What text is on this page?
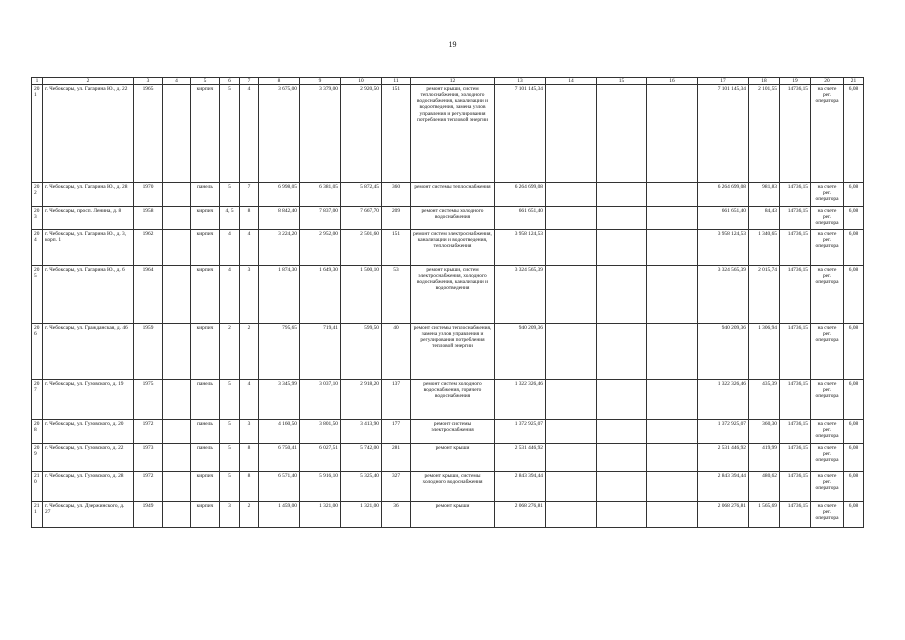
19
1	2	3	4	5	6	7	8	9	10	11	12	13	14	15	16	17	18	19	20	21
201	г. Чебоксары, ул. Гагарина Ю., д. 22	1965		кирпич	5	4	3 675,00	3 379,00	2 920,50	151	ремонт крыши, систем теплоснабжения, холодного водоснабжения, канализации и водоотведения, замена узлов управления и регулирования потребления тепловой энергии	7 101 145,34				7 101 145,34	2 101,55	14736,15	на счете рег. оператора	6,08
202	г. Чебоксары, ул. Гагарина Ю., д. 28	1970		панель	5	7	6 998,05	6 381,05	5 872,45	360	ремонт системы теплоснабжения	6 264 699,08				6 264 699,08	981,83	14736,15	на счете рег. оператора	6,08
203	г. Чебоксары, просп. Ленина, д. 8	1958		кирпич	4, 5	8	8 842,40	7 837,00	7 667,70	209	ремонт системы холодного водоснабжения	661 651,40				661 651,40	84,43	14736,15	на счете рег. оператора	6,08
204	г. Чебоксары, ул. Гагарина Ю., д. 3, корп. 1	1962		кирпич	4	4	3 224,20	2 952,00	2 501,60	151	ремонт систем электроснабжения, канализации и водоотведения, теплоснабжения	3 958 124,53				3 958 124,53	1 340,65	14736,15	на счете рег. оператора	6,08
205	г. Чебоксары, ул. Гагарина Ю., д. 6	1964		кирпич	4	3	1 874,30	1 649,30	1 500,10	53	ремонт крыши, систем электроснабжения, холодного водоснабжения, канализации и водоотведения	3 324 565,39				3 324 565,39	2 015,74	14736,15	на счете рег. оператора	6,08
206	г. Чебоксары, ул. Гражданская, д. 46	1959		кирпич	2	2	795,65	719,41	599,50	40	ремонт системы теплоснабжения, замена узлов управления и регулирования потребления тепловой энергии	940 209,36				940 209,36	1 306,94	14736,15	на счете рег. оператора	6,08
207	г. Чебоксары, ул. Гузовского, д. 19	1975		панель	5	4	3 345,99	3 037,10	2 918,20	137	ремонт систем холодного водоснабжения, горячего водоснабжения	1 322 326,46				1 322 326,46	435,39	14736,15	на счете рег. оператора	6,08
208	г. Чебоксары, ул. Гузовского, д. 20	1972		панель	5	3	4 160,50	3 801,50	3 413,90	177	ремонт системы электроснабжения	1 372 925,07				1 372 925,07	360,30	14736,15	на счете рег. оператора	6,08
209	г. Чебоксары, ул. Гузовского, д. 22	1973		панель	5	8	6 750,41	6 027,51	5 742,00	281	ремонт крыши	2 531 446,92				2 531 446,92	419,99	14736,15	на счете рег. оператора	6,08
210	г. Чебоксары, ул. Гузовского, д. 28	1972		кирпич	5	8	6 571,40	5 916,10	5 325,40	327	ремонт крыши, системы холодного водоснабжения	2 843 394,44				2 843 394,44	480,62	14736,15	на счете рег. оператора	6,08
211	г. Чебоксары, ул. Дзержинского, д. 27	1949		кирпич	3	2	1 459,00	1 321,00	1 321,00	36	ремонт крыши	2 068 276,81				2 068 276,81	1 565,69	14736,15	на счете рег. оператора	6,08
